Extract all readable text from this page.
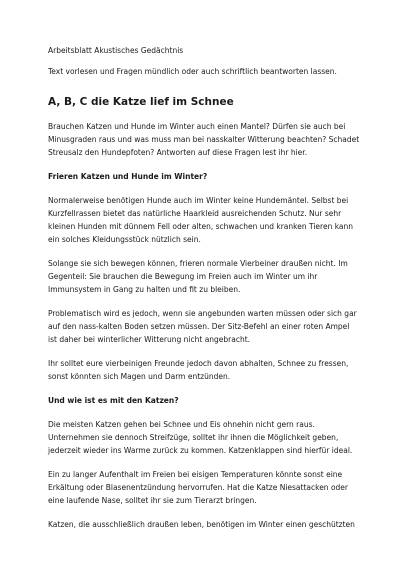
Arbeitsblatt Akustisches Gedächtnis

Text vorlesen und Fragen mündlich oder auch schriftlich beantworten lassen.

A, B, C die Katze lief im Schnee

Brauchen Katzen und Hunde im Winter auch einen Mantel? Dürfen sie auch bei Minusgraden raus und was muss man bei nasskalter Witterung beachten? Schadet Streusalz den Hundepfoten? Antworten auf diese Fragen lest ihr hier.

Frieren Katzen und Hunde im Winter?

Normalerweise benötigen Hunde auch im Winter keine Hundemäntel. Selbst bei Kurzfellrassen bietet das natürliche Haarkleid ausreichenden Schutz. Nur sehr kleinen Hunden mit dünnem Fell oder alten, schwachen und kranken Tieren kann ein solches Kleidungsstück nützlich sein.

Solange sie sich bewegen können, frieren normale Vierbeiner draußen nicht. Im Gegenteil: Sie brauchen die Bewegung im Freien auch im Winter um ihr Immunsystem in Gang zu halten und fit zu bleiben.

Problematisch wird es jedoch, wenn sie angebunden warten müssen oder sich gar auf den nass-kalten Boden setzen müssen. Der Sitz-Befehl an einer roten Ampel ist daher bei winterlicher Witterung nicht angebracht.

Ihr solltet eure vierbeinigen Freunde jedoch davon abhalten, Schnee zu fressen, sonst könnten sich Magen und Darm entzünden.

Und wie ist es mit den Katzen?

Die meisten Katzen gehen bei Schnee und Eis ohnehin nicht gern raus. Unternehmen sie dennoch Streifzüge, solltet ihr ihnen die Möglichkeit geben, jederzeit wieder ins Warme zurück zu kommen. Katzenklappen sind hierfür ideal.

Ein zu langer Aufenthalt im Freien bei eisigen Temperaturen könnte sonst eine Erkältung oder Blasenentzündung hervorrufen. Hat die Katze Niesattacken oder eine laufende Nase, solltet ihr sie zum Tierarzt bringen.

Katzen, die ausschließlich draußen leben, benötigen im Winter einen geschützten
